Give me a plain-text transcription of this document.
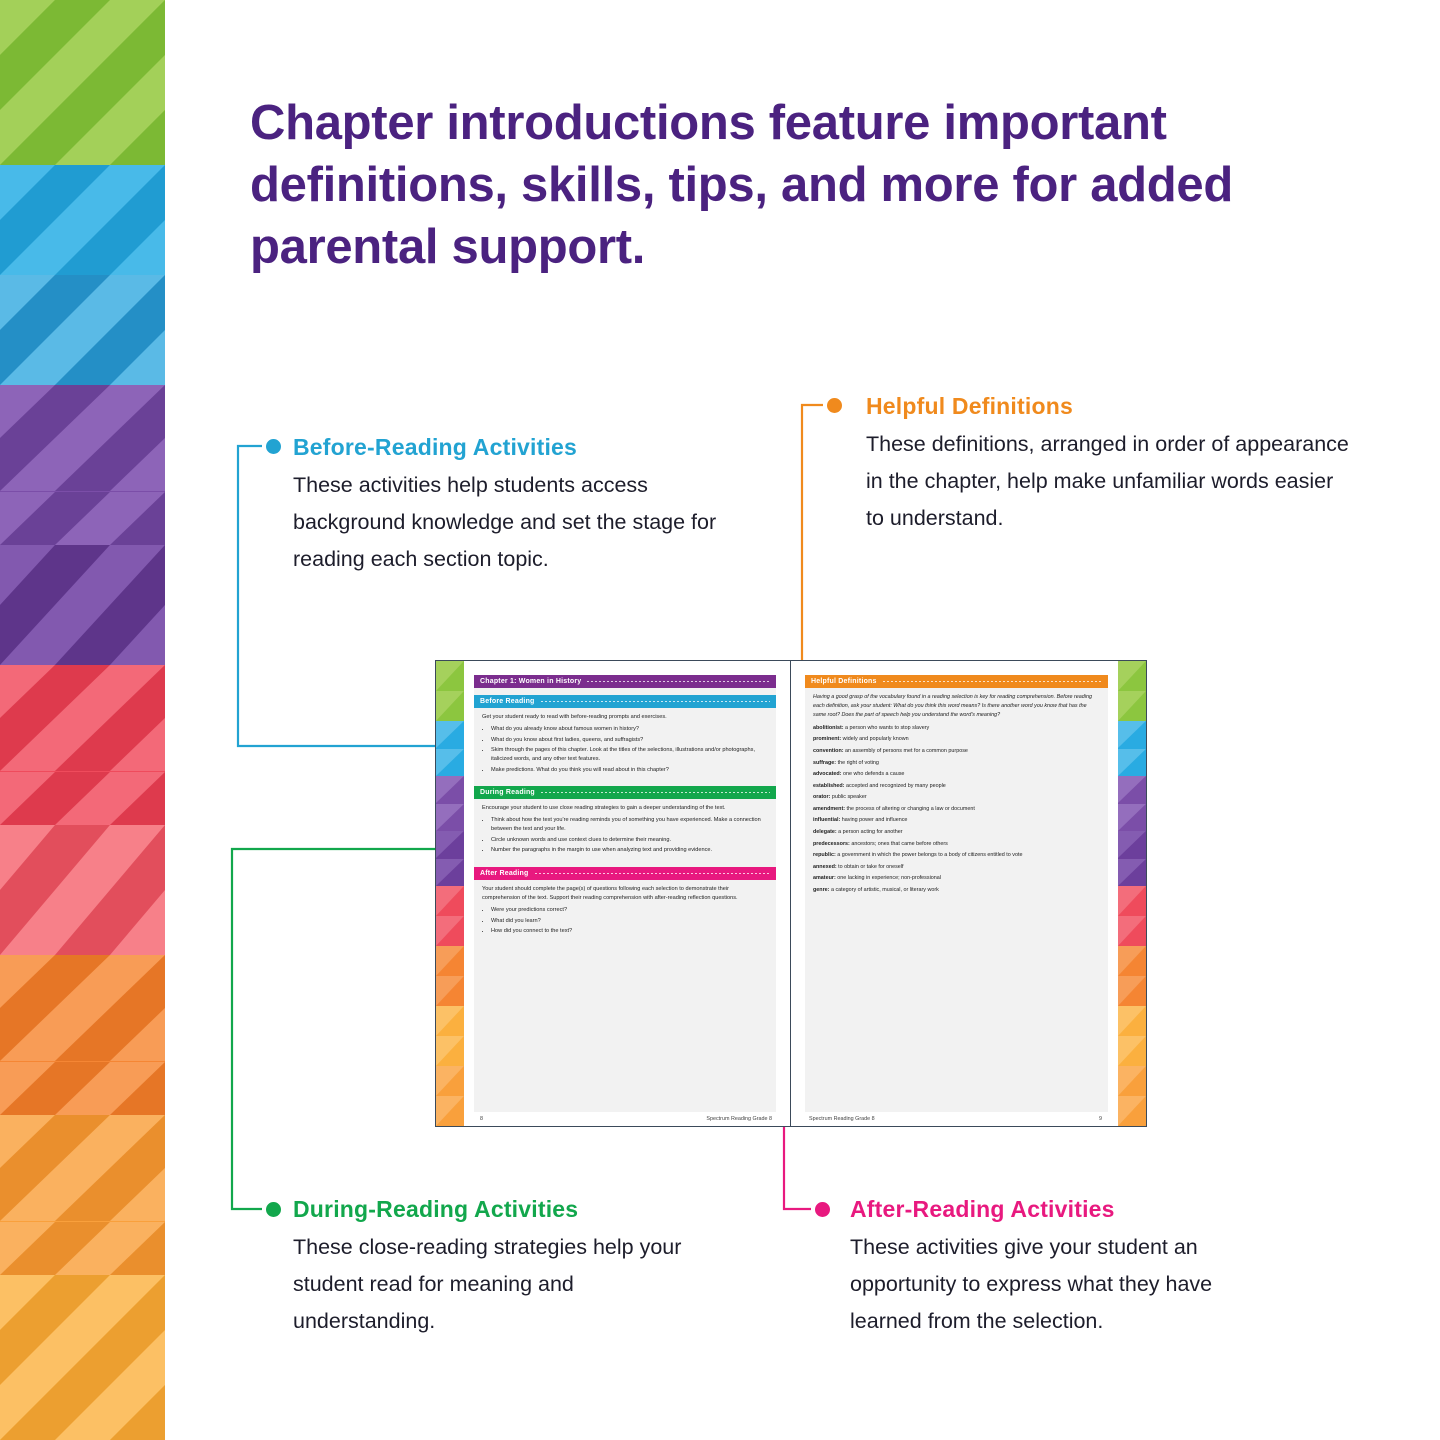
Chapter introductions feature important definitions, skills, tips, and more for added parental support.
Before-Reading Activities
These activities help students access background knowledge and set the stage for reading each section topic.
Helpful Definitions
These definitions, arranged in order of appearance in the chapter, help make unfamiliar words easier to understand.
During-Reading Activities
These close-reading strategies help your student read for meaning and understanding.
After-Reading Activities
These activities give your student an opportunity to express what they have learned from the selection.
Chapter 1: Women in History
Before Reading

Get your student ready to read with before-reading prompts and exercises.

• What do you already know about famous women in history?
• What do you know about first ladies, queens, and suffragists?
• Skim through the pages of this chapter. Look at the titles of the selections, illustrations and/or photographs, italicized words, and any other text features.
• Make predictions. What do you think you will read about in this chapter?
During Reading

Encourage your student to use close reading strategies to gain a deeper understanding of the text.

• Think about how the text you're reading reminds you of something you have experienced. Make a connection between the text and your life.
• Circle unknown words and use context clues to determine their meaning.
• Number the paragraphs in the margin to use when analyzing text and providing evidence.
After Reading

Your student should complete the page(s) of questions following each selection to demonstrate their comprehension of the text. Support their reading comprehension with after-reading reflection questions.

• Were your predictions correct?
• What did you learn?
• How did you connect to the text?
8	Spectrum Reading Grade 8
Helpful Definitions

Having a good grasp of the vocabulary found in a reading selection is key for reading comprehension. Before reading each definition, ask your student: What do you think this word means? Is there another word you know that has the same root? Does the part of speech help you understand the word's meaning?

abolitionist: a person who wants to stop slavery

prominent: widely and popularly known

convention: an assembly of persons met for a common purpose

suffrage: the right of voting

advocated: one who defends a cause

established: accepted and recognized by many people

orator: public speaker

amendment: the process of altering or changing a law or document

influential: having power and influence

delegate: a person acting for another

predecessors: ancestors; ones that came before others

republic: a government in which the power belongs to a body of citizens entitled to vote

annexed: to obtain or take for oneself

amateur: one lacking in experience; non-professional

genre: a category of artistic, musical, or literary work

Spectrum Reading Grade 8	9
